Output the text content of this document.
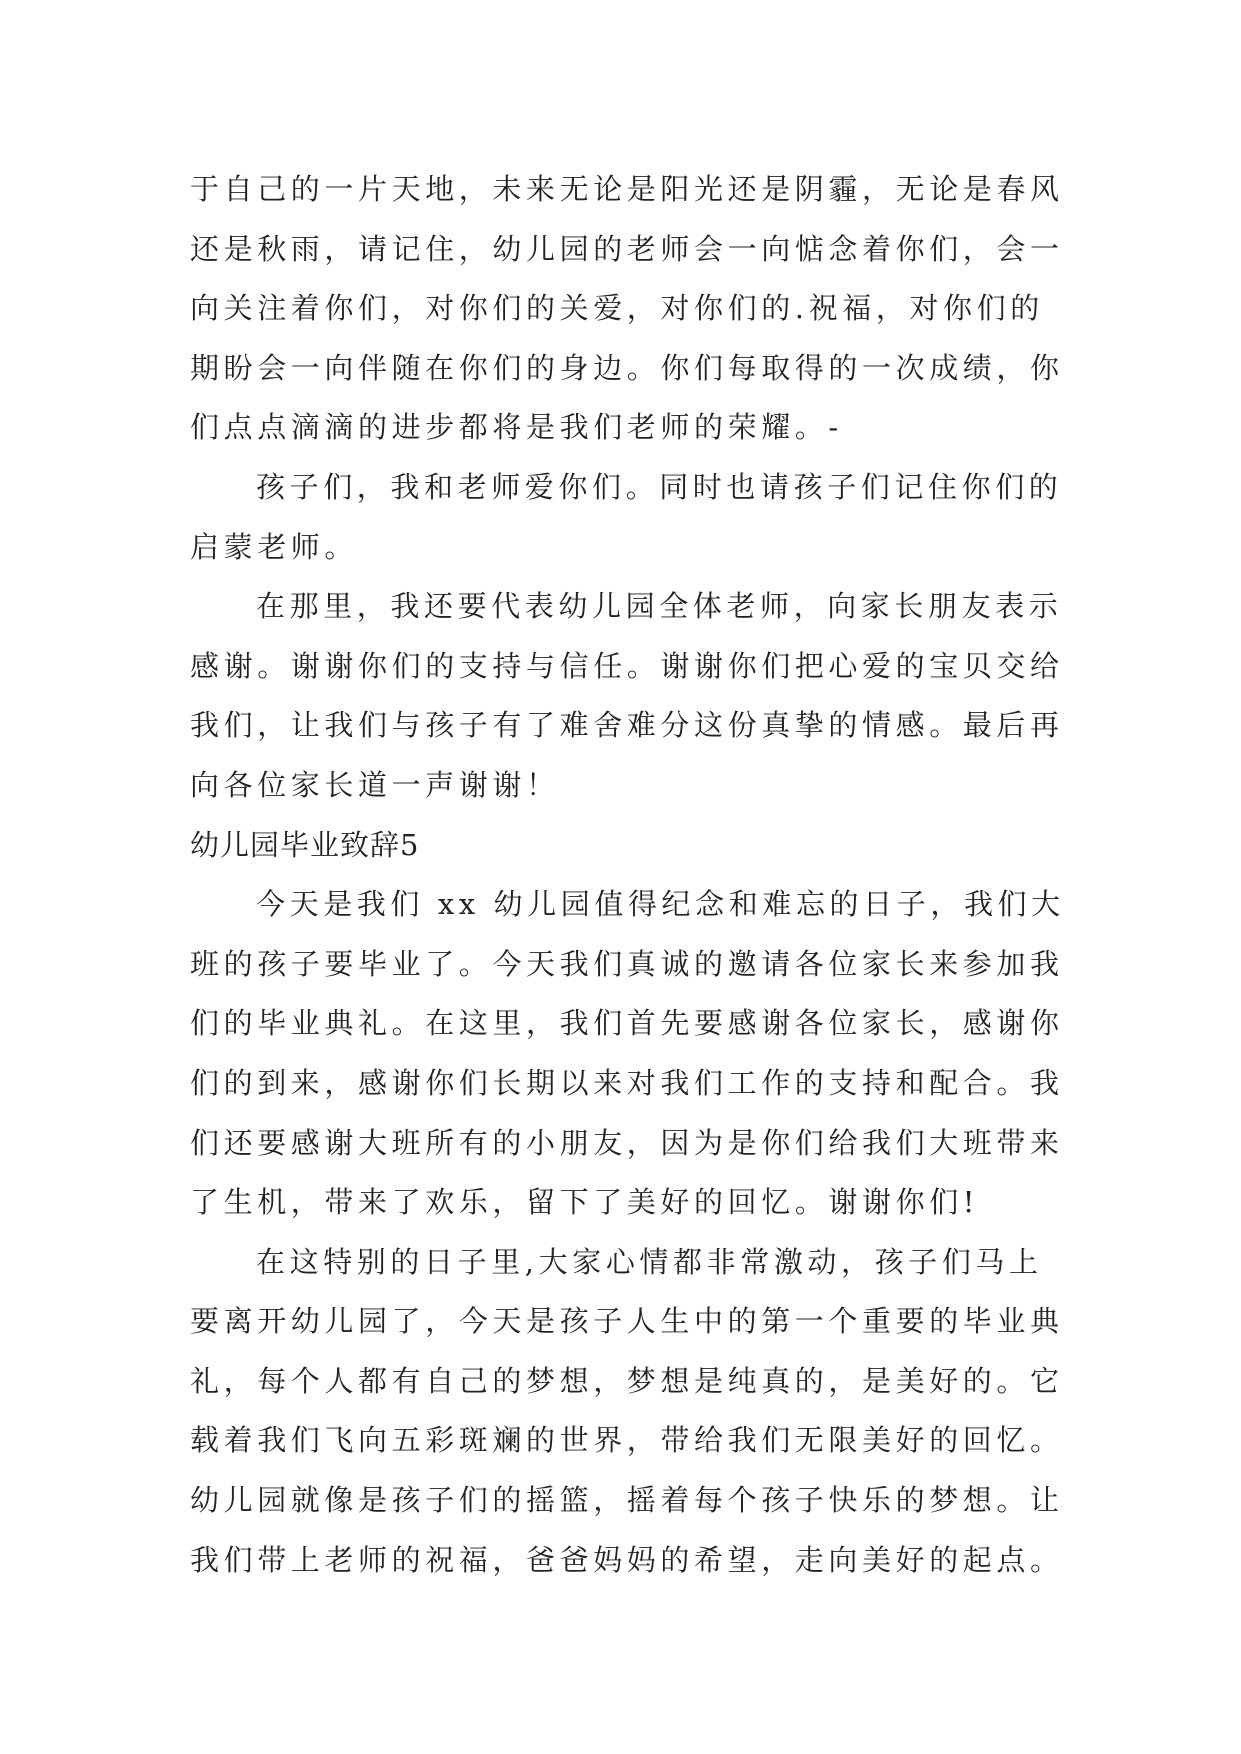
于自己的一片天地，未来无论是阳光还是阴霾，无论是春风
还是秋雨，请记住，幼儿园的老师会一向惦念着你们，会一
向关注着你们，对你们的关爱，对你们的.祝福，对你们的
期盼会一向伴随在你们的身边。你们每取得的一次成绩，你
们点点滴滴的进步都将是我们老师的荣耀。-
孩子们，我和老师爱你们。同时也请孩子们记住你们的
启蒙老师。
在那里，我还要代表幼儿园全体老师，向家长朋友表示
感谢。谢谢你们的支持与信任。谢谢你们把心爱的宝贝交给
我们，让我们与孩子有了难舍难分这份真挚的情感。最后再
向各位家长道一声谢谢！
幼儿园毕业致辞5
今天是我们 xx 幼儿园值得纪念和难忘的日子，我们大
班的孩子要毕业了。今天我们真诚的邀请各位家长来参加我
们的毕业典礼。在这里，我们首先要感谢各位家长，感谢你
们的到来，感谢你们长期以来对我们工作的支持和配合。我
们还要感谢大班所有的小朋友，因为是你们给我们大班带来
了生机，带来了欢乐，留下了美好的回忆。谢谢你们!
在这特别的日子里,大家心情都非常激动，孩子们马上
要离开幼儿园了，今天是孩子人生中的第一个重要的毕业典
礼，每个人都有自己的梦想，梦想是纯真的，是美好的。它
载着我们飞向五彩斑斓的世界，带给我们无限美好的回忆。
幼儿园就像是孩子们的摇篮，摇着每个孩子快乐的梦想。让
我们带上老师的祝福，爸爸妈妈的希望，走向美好的起点。
